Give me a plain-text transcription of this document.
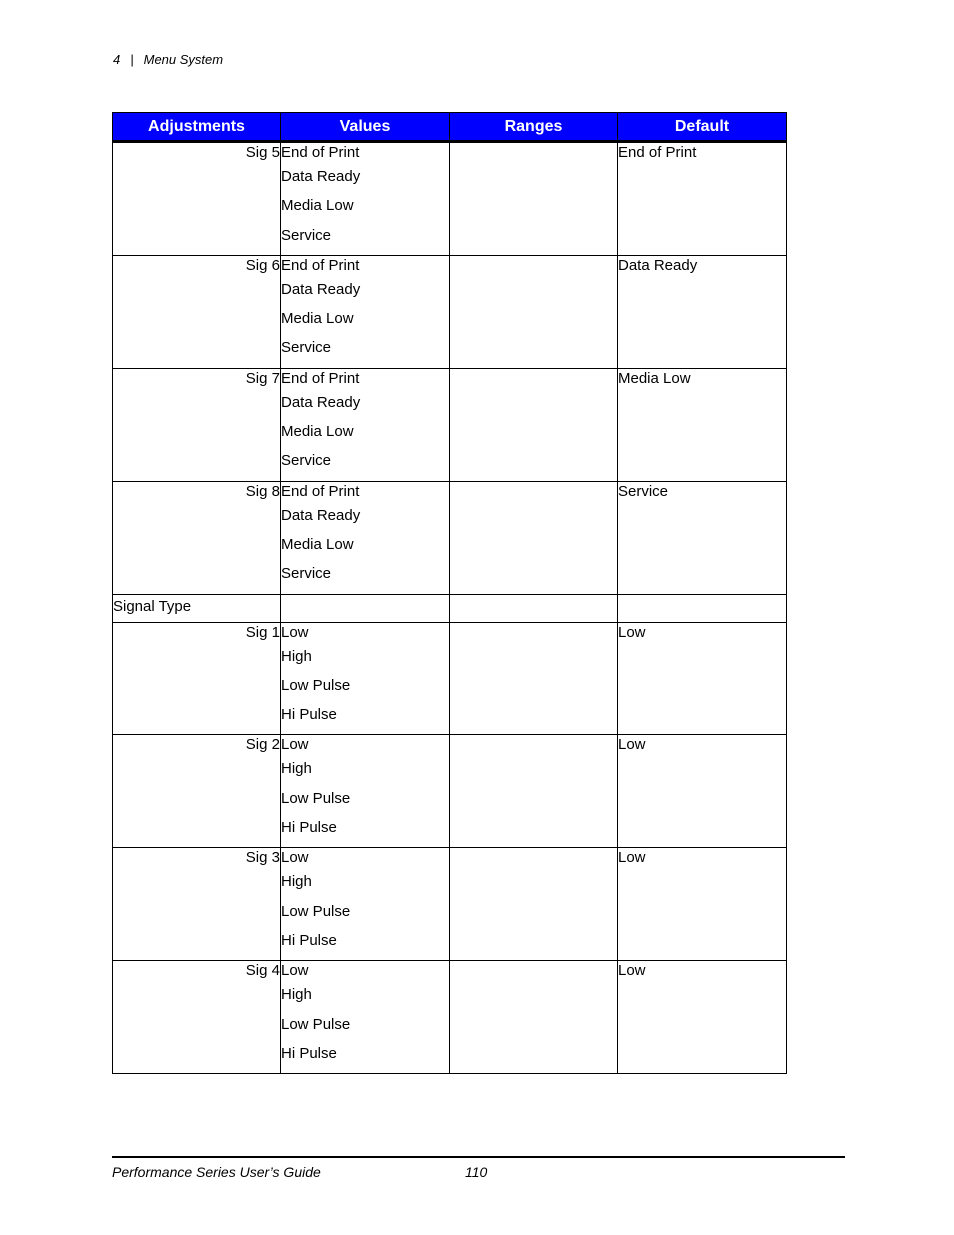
4 | Menu System
Adjustments	Values	Ranges	Default

Sig 5	End of Print
Data Ready
Media Low
Service		End of Print

Sig 6	End of Print
Data Ready
Media Low
Service		Data Ready

Sig 7	End of Print
Data Ready
Media Low
Service		Media Low

Sig 8	End of Print
Data Ready
Media Low
Service		Service

Signal Type			

Sig 1	Low
High
Low Pulse
Hi Pulse		Low

Sig 2	Low
High
Low Pulse
Hi Pulse		Low

Sig 3	Low
High
Low Pulse
Hi Pulse		Low

Sig 4	Low
High
Low Pulse
Hi Pulse		Low
Performance Series User’s Guide	110
